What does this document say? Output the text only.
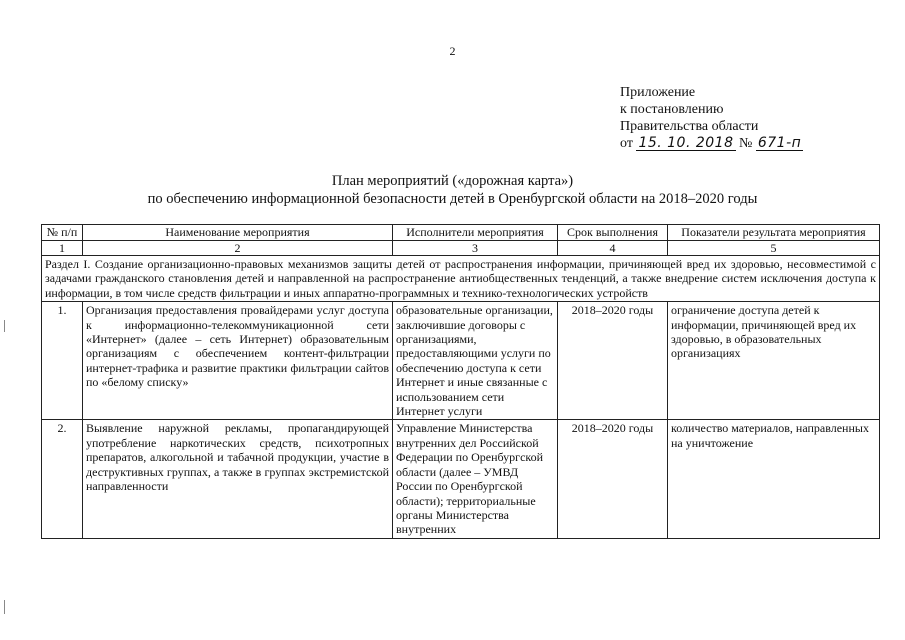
2
Приложение
к постановлению
Правительства области
от 15. 10. 2018 № 671-п
План мероприятий («дорожная карта»)
по обеспечению информационной безопасности детей в Оренбургской области на 2018–2020 годы
№ п/п	Наименование мероприятия	Исполнители мероприятия	Срок выполнения	Показатели результата мероприятия
1	2	3	4	5
Раздел I. Создание организационно-правовых механизмов защиты детей от распространения информации, причиняющей вред их здоровью, несовместимой с задачами гражданского становления детей и направленной на распространение антиобщественных тенденций, а также внедрение систем исключения доступа к информации, в том числе средств фильтрации и иных аппаратно-программных и технико-технологических устройств				
1.	Организация предоставления провайдерами услуг доступа к информационно-телекоммуникационной сети «Интернет» (далее – сеть Интернет) образовательным организациям с обеспечением контент-фильтрации интернет-трафика и развитие практики фильтрации сайтов по «белому списку»	образовательные организации, заключившие договоры с организациями, предоставляющими услуги по обеспечению доступа к сети Интернет и иные связанные с использованием сети Интернет услуги	2018–2020 годы	ограничение доступа детей к информации, причиняющей вред их здоровью, в образовательных организациях
2.	Выявление наружной рекламы, пропагандирующей употребление наркотических средств, психотропных препаратов, алкогольной и табачной продукции, участие в деструктивных группах, а также в группах экстремистской направленности	Управление Министерства внутренних дел Российской Федерации по Оренбургской области (далее – УМВД России по Оренбургской области); территориальные органы Министерства внутренних	2018–2020 годы	количество материалов, направленных на уничтожение
